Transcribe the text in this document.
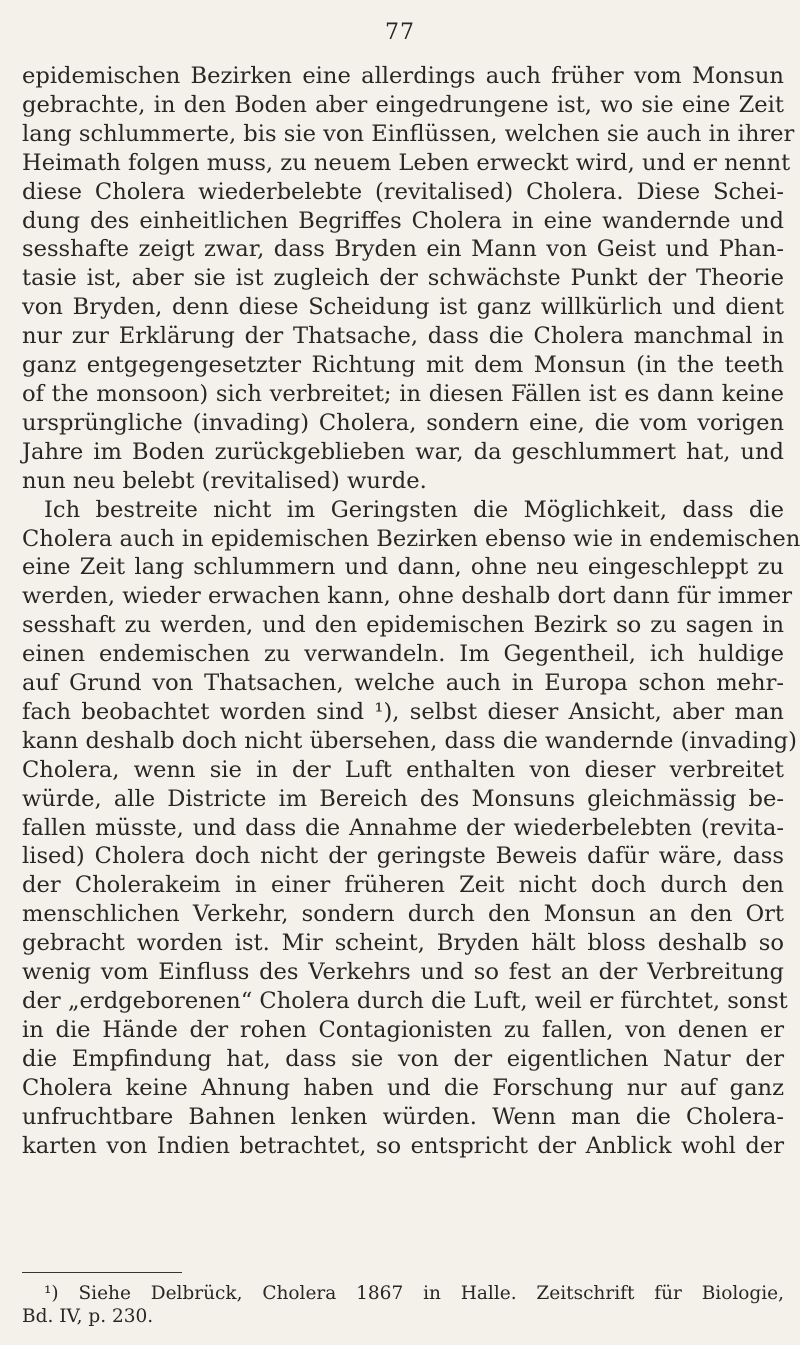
77
epidemischen Bezirken eine allerdings auch früher vom Monsun
gebrachte, in den Boden aber eingedrungene ist, wo sie eine Zeit
lang schlummerte, bis sie von Einflüssen, welchen sie auch in ihrer
Heimath folgen muss, zu neuem Leben erweckt wird, und er nennt
diese Cholera wiederbelebte (revitalised) Cholera. Diese Schei-
dung des einheitlichen Begriffes Cholera in eine wandernde und
sesshafte zeigt zwar, dass Bryden ein Mann von Geist und Phan-
tasie ist, aber sie ist zugleich der schwächste Punkt der Theorie
von Bryden, denn diese Scheidung ist ganz willkürlich und dient
nur zur Erklärung der Thatsache, dass die Cholera manchmal in
ganz entgegengesetzter Richtung mit dem Monsun (in the teeth
of the monsoon) sich verbreitet; in diesen Fällen ist es dann keine
ursprüngliche (invading) Cholera, sondern eine, die vom vorigen
Jahre im Boden zurückgeblieben war, da geschlummert hat, und
nun neu belebt (revitalised) wurde.
Ich bestreite nicht im Geringsten die Möglichkeit, dass die
Cholera auch in epidemischen Bezirken ebenso wie in endemischen
eine Zeit lang schlummern und dann, ohne neu eingeschleppt zu
werden, wieder erwachen kann, ohne deshalb dort dann für immer
sesshaft zu werden, und den epidemischen Bezirk so zu sagen in
einen endemischen zu verwandeln. Im Gegentheil, ich huldige
auf Grund von Thatsachen, welche auch in Europa schon mehr-
fach beobachtet worden sind ¹), selbst dieser Ansicht, aber man
kann deshalb doch nicht übersehen, dass die wandernde (invading)
Cholera, wenn sie in der Luft enthalten von dieser verbreitet
würde, alle Districte im Bereich des Monsuns gleichmässig be-
fallen müsste, und dass die Annahme der wiederbelebten (revita-
lised) Cholera doch nicht der geringste Beweis dafür wäre, dass
der Cholerakeim in einer früheren Zeit nicht doch durch den
menschlichen Verkehr, sondern durch den Monsun an den Ort
gebracht worden ist. Mir scheint, Bryden hält bloss deshalb so
wenig vom Einfluss des Verkehrs und so fest an der Verbreitung
der „erdgeborenen“ Cholera durch die Luft, weil er fürchtet, sonst
in die Hände der rohen Contagionisten zu fallen, von denen er
die Empfindung hat, dass sie von der eigentlichen Natur der
Cholera keine Ahnung haben und die Forschung nur auf ganz
unfruchtbare Bahnen lenken würden. Wenn man die Cholera-
karten von Indien betrachtet, so entspricht der Anblick wohl der
¹) Siehe Delbrück, Cholera 1867 in Halle. Zeitschrift für Biologie,
Bd. IV, p. 230.
